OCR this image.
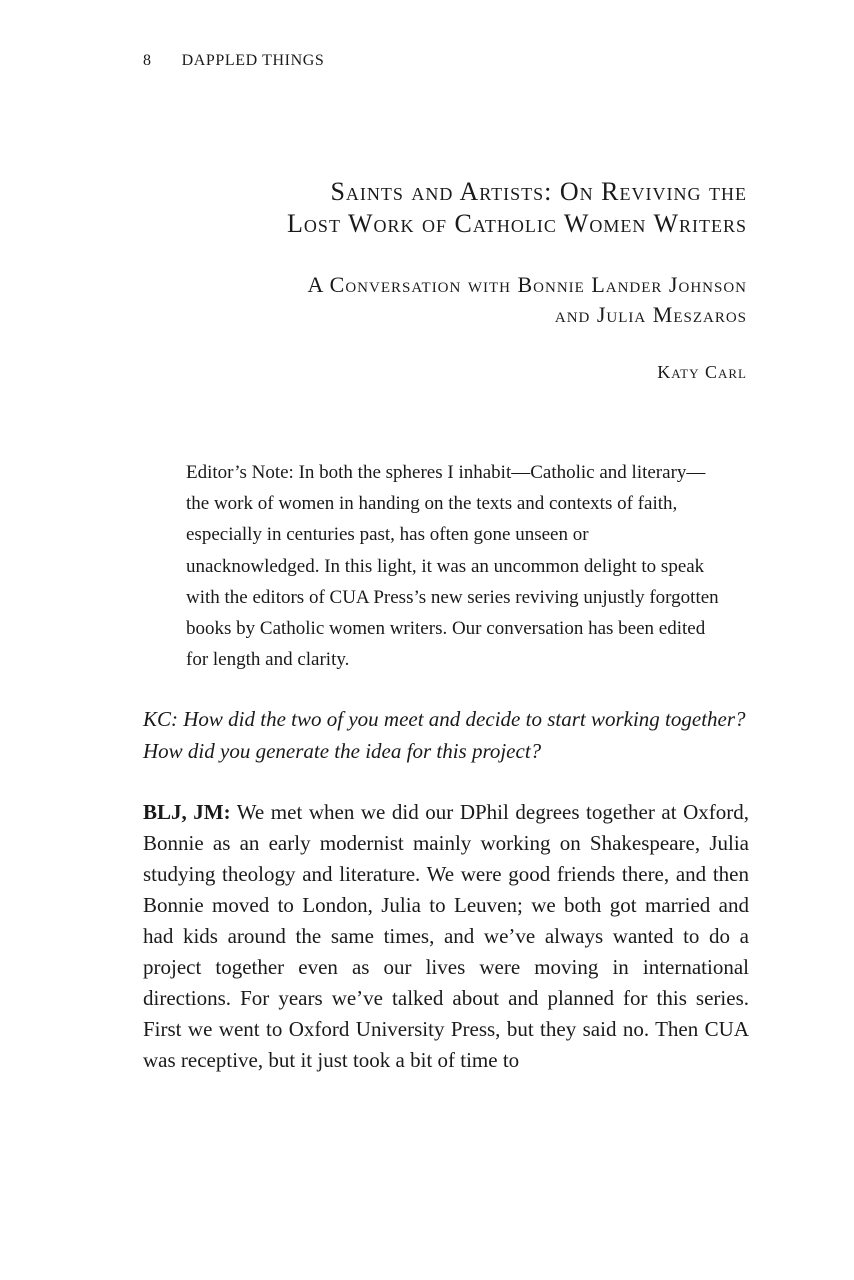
8 DAPPLED THINGS
Saints and Artists: On Reviving the
Lost Work of Catholic Women Writers
A Conversation with Bonnie Lander Johnson
and Julia Meszaros
Katy Carl

Editor’s Note: In both the spheres I inhabit—Catholic and literary—the work of women in handing on the texts and contexts of faith, especially in centuries past, has often gone unseen or unacknowledged. In this light, it was an uncommon delight to speak with the editors of CUA Press’s new series reviving unjustly forgotten books by Catholic women writers. Our conversation has been edited for length and clarity.

KC: How did the two of you meet and decide to start working together? How did you generate the idea for this project?

BLJ, JM: We met when we did our DPhil degrees together at Oxford, Bonnie as an early modernist mainly working on Shakespeare, Julia studying theology and literature. We were good friends there, and then Bonnie moved to London, Julia to Leuven; we both got married and had kids around the same times, and we’ve always wanted to do a project together even as our lives were moving in international directions. For years we’ve talked about and planned for this series. First we went to Oxford University Press, but they said no. Then CUA was receptive, but it just took a bit of time to
